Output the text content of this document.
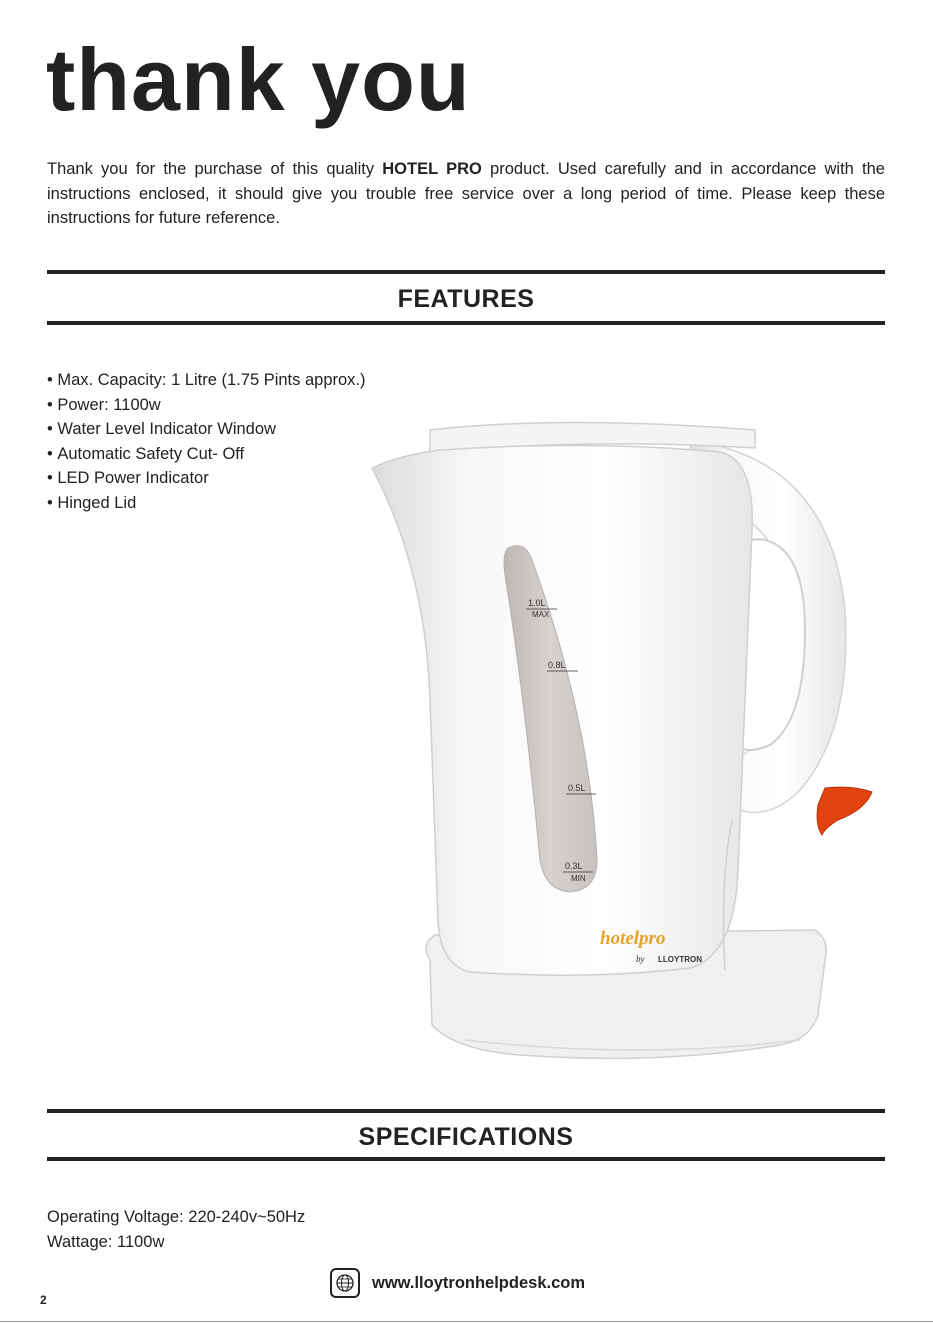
thank you

Thank you for the purchase of this quality HOTEL PRO product. Used carefully and in accordance with the instructions enclosed, it should give you trouble free service over a long period of time. Please keep these instructions for future reference.

FEATURES
• Max. Capacity: 1 Litre (1.75 Pints approx.)
• Power: 1100w
• Water Level Indicator Window
• Automatic Safety Cut- Off
• LED Power Indicator
• Hinged Lid
1.0L
MAX
0.8L
0.5L
0.3L
MIN
hotelpro
by LLOYTRON
SPECIFICATIONS
Operating Voltage: 220-240v~50Hz
Wattage: 1100w
www.lloytronhelpdesk.com
2
